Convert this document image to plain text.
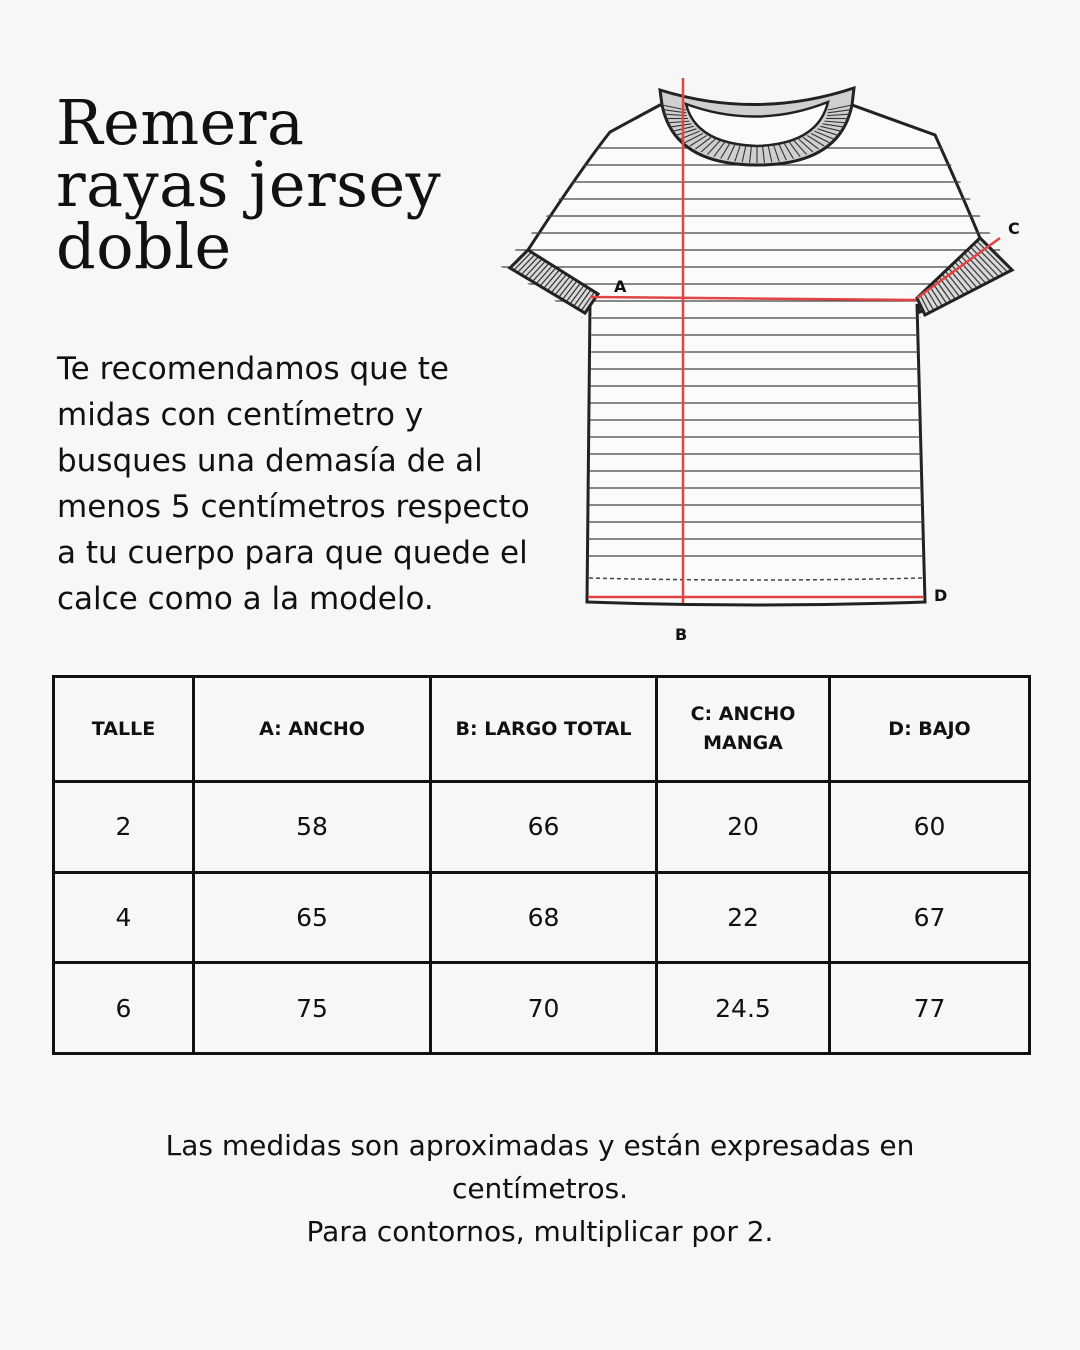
Remera
rayas jersey
doble

Te recomendamos que te midas con centímetro y busques una demasía de al menos 5 centímetros respecto a tu cuerpo para que quede el calce como a la modelo.

A
B
C
D
TALLE	A: ANCHO	B: LARGO TOTAL	C: ANCHO MANGA	D: BAJO
2	58	66	20	60
4	65	68	22	67
6	75	70	24.5	77

Las medidas son aproximadas y están expresadas en centímetros.
Para contornos, multiplicar por 2.
